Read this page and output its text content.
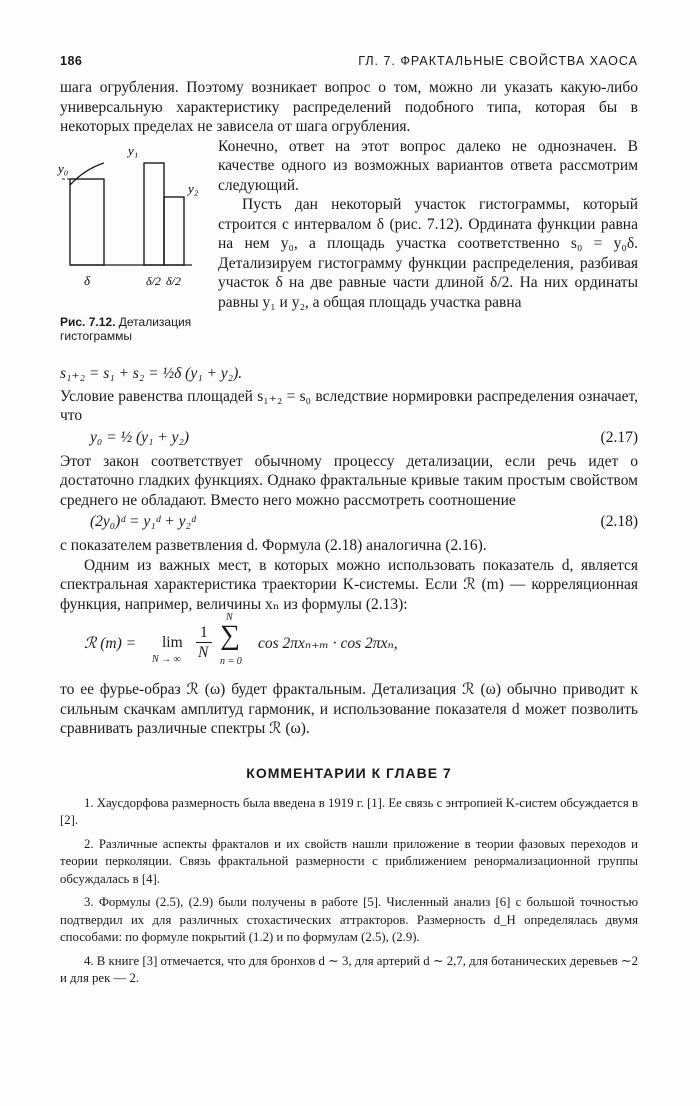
186	ГЛ. 7. ФРАКТАЛЬНЫЕ СВОЙСТВА ХАОСА

шага огрубления. Поэтому возникает вопрос о том, можно ли указать какую-либо универсальную характеристику распределений подобного типа, которая бы в некоторых пределах не зависела от шага огрубления.

y₀
y₁
y₂
δ	δ/2 δ/2
Рис. 7.12. Детализация гистограммы

Конечно, ответ на этот вопрос далеко не однозначен. В качестве одного из возможных вариантов ответа рассмотрим следующий.

Пусть дан некоторый участок гистограммы, который строится с интервалом δ (рис. 7.12). Ордината функции равна на нем y₀, а площадь участка соответственно s₀ = y₀δ. Детализируем гистограмму функции распределения, разбивая участок δ на две равные части длиной δ/2. На них ординаты равны y₁ и y₂, а общая площадь участка равна

s₁₊₂ = s₁ + s₂ = ½δ (y₁ + y₂).

Условие равенства площадей s₁₊₂ = s₀ вследствие нормировки распределения означает, что

y₀ = ½ (y₁ + y₂)	(2.17)

Этот закон соответствует обычному процессу детализации, если речь идет о достаточно гладких функциях. Однако фрактальные кривые таким простым свойством среднего не обладают. Вместо него можно рассмотреть соотношение

(2y₀)ᵈ = y₁ᵈ + y₂ᵈ	(2.18)

с показателем разветвления d. Формула (2.18) аналогична (2.16).

Одним из важных мест, в которых можно использовать показатель d, является спектральная характеристика траектории K-системы. Если ℛ (m) — корреляционная функция, например, величины xₙ из формулы (2.13):

ℛ (m) = lim
N → ∞
1
N
N
∑
n = 0
cos 2πxₙ₊ₘ · cos 2πxₙ,

то ее фурье-образ ℛ (ω) будет фрактальным. Детализация ℛ (ω) обычно приводит к сильным скачкам амплитуд гармоник, и использование показателя d может позволить сравнивать различные спектры ℛ (ω).

КОММЕНТАРИИ К ГЛАВЕ 7

1. Хаусдорфова размерность была введена в 1919 г. [1]. Ее связь с энтропией K-систем обсуждается в [2].

2. Различные аспекты фракталов и их свойств нашли приложение в теории фазовых переходов и теории перколяции. Связь фрактальной размерности с приближением ренормализационной группы обсуждалась в [4].

3. Формулы (2.5), (2.9) были получены в работе [5]. Численный анализ [6] с большой точностью подтвердил их для различных стохастических аттракторов. Размерность d_H определялась двумя способами: по формуле покрытий (1.2) и по формулам (2.5), (2.9).

4. В книге [3] отмечается, что для бронхов d ∼ 3, для артерий d ∼ 2,7, для ботанических деревьев ∼2 и для рек — 2.
